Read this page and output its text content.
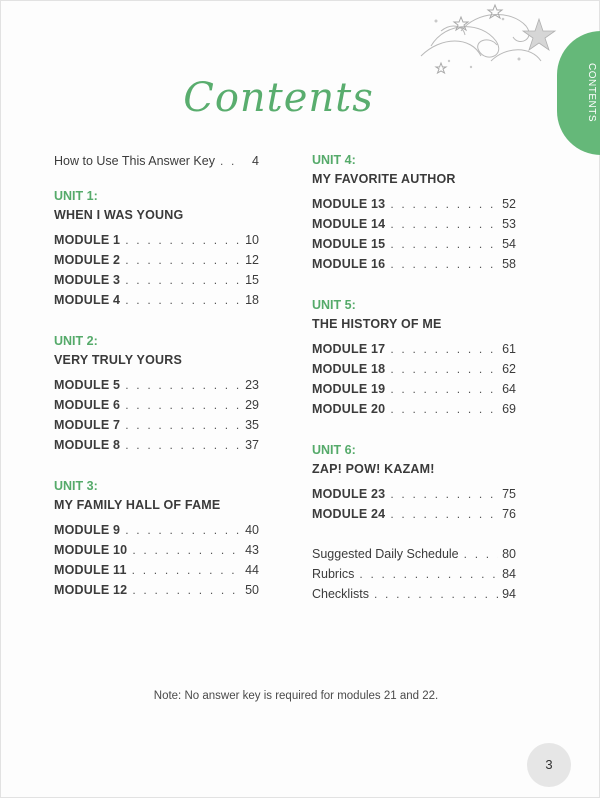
CONTENTS
Contents
How to Use This Answer Key . . .	4
UNIT 1:
WHEN I WAS YOUNG
MODULE 1 . . .	10
MODULE 2 . . .	12
MODULE 3 . . .	15
MODULE 4 . . .	18
UNIT 2:
VERY TRULY YOURS
MODULE 5 . . .	23
MODULE 6 . . .	29
MODULE 7 . . .	35
MODULE 8 . . .	37
UNIT 3:
MY FAMILY HALL OF FAME
MODULE 9 . . .	40
MODULE 10 . . .	43
MODULE 11 . . .	44
MODULE 12 . . .	50
UNIT 4:
MY FAVORITE AUTHOR
MODULE 13 . . .	52
MODULE 14 . . .	53
MODULE 15 . . .	54
MODULE 16 . . .	58
UNIT 5:
THE HISTORY OF ME
MODULE 17 . . .	61
MODULE 18 . . .	62
MODULE 19 . . .	64
MODULE 20 . . .	69
UNIT 6:
ZAP! POW! KAZAM!
MODULE 23 . . .	75
MODULE 24 . . .	76
Suggested Daily Schedule . . .	80
Rubrics . . .	84
Checklists . . .	94
Note: No answer key is required for modules 21 and 22.
3
